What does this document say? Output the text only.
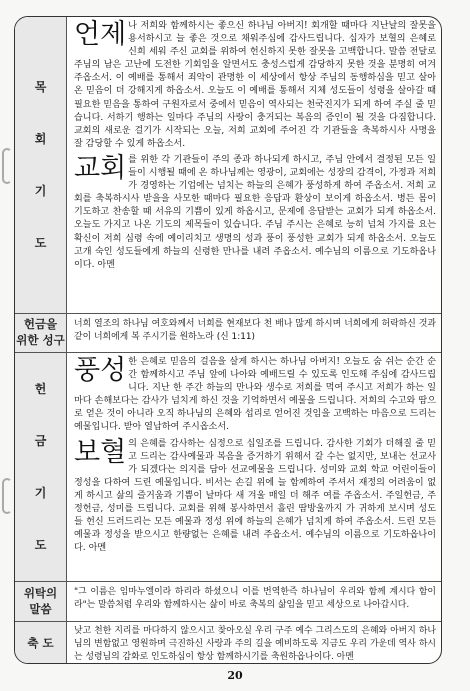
목
회
기
도

언제 나 저희와 함께하시는 좋으신 하나님 아버지! 회개할 때마다 지난날의 잘못을 용서하시고 늘 좋은 것으로 채워주심에 감사드립니다. 십자가 보혈의 은혜로 신희 세워 주신 교회를 위하여 헌신하지 못한 잘못을 고백합니다. 말씀 전달로 주님의 남은 고난에 도전한 기회임을 알면서도 충성스럽게 감당하지 못한 것을 분명히 여겨 주옵소서. 이 예배를 통해서 죄악이 관명한 이 세상에서 항상 주님의 동행하심을 믿고 살아온 믿음이 더 강해지게 하옵소서. 오늘도 이 예배를 통해서 지체 성도들이 성령을 살아갈 때 필요한 믿음을 통하여 구원자로서 중에서 믿음이 역사되는 천국진지가 되게 하여 주실 줄 믿습니다. 서하기 행하는 일마다 주님의 사랑이 충거되는 복음의 증인이 될 것을 다짐합니다. 교회의 새로운 걸기가 시작되는 오늘, 저희 교회에 주어진 각 기관들을 축복하시사 사명을 잘 감당할 수 있게 하옵소서.

교회 를 위한 각 기관들이 주의 종과 하나되게 하시고, 주님 안에서 결정된 모든 일들이 시행될 때에 온 하나님께는 영광이, 교회에는 성장의 감격이, 가정과 저희가 경영하는 기업에는 넘치는 하늘의 은혜가 풍성하게 하여 주옵소서. 저희 교회를 축복하시사 받을을 사모한 때마다 필요한 응답과 환상이 보이게 하옵소서. 병든 몸이 기도하고 찬송할 때 서유의 기쁨이 있게 하옵시고, 문제에 응답받는 교회가 되게 하옵소서. 오늘도 가지고 나온 기도의 제목들이 있습니다. 주님 주시는 은혜로 능히 넘쳐 가지를 요는 확신이 저희 심령 속에 예이리치고 생명의 성과 풍이 풍성한 교회가 되게 하옵소서. 오늘도 고개 숙인 성도들에게 하늘의 신령한 만나를 내려 주옵소서. 예수님의 이름으로 기도하옵나이다. 아멘

헌금을
위한 성구
너희 열조의 하나님 여호와께서 너희를 현재보다 천 배나 많게 하시며 너희에게 허락하신 것과 같이 너희에게 복 주시기를 원하노라 (신 1:11)
헌
금
기
도

풍성 한 은혜로 믿음의 걸음을 살게 하시는 하나님 아버지! 오늘도 숨 쉬는 순간 순간 함께하시고 주님 앞에 나아와 예배드릴 수 있도록 인도해 주심에 감사드립니다. 지난 한 주간 하늘의 만나와 생수로 저희를 먹여 주시고 저희가 하는 일마다 손해보다는 감사가 넘치게 하신 것을 기억하면서 예물을 드립니다. 저희의 수고와 땀으로 얻은 것이 아니라 오직 하나님의 은혜와 섭리로 얻어진 것임을 고백하는 마음으로 드리는 예물입니다. 받아 열납하여 주시옵소서.

보혈 의 은혜를 감사하는 심정으로 십일조를 드립니다. 감사한 기회가 더해질 줄 믿고 드리는 감사예물과 복음을 증거하기 위해서 갈 수는 없지만, 보내는 선교사가 되겠다는 의지를 담아 선교예물을 드립니다. 성미와 교회 학교 어린이들이 정성을 다하여 드린 예물입니다. 비서는 손길 위에 늘 함께하여 주셔서 재정의 어려움이 없게 하시고 삶의 즐거움과 기쁨이 날마다 새 겨울 매일 더 해주 여를 주옵소서. 주일헌금, 주정헌금, 성미를 드립니다. 교회를 위해 봉사하면서 흘린 땀방울까지 가 귀하게 보시며 성도들 헌신 드러드리는 모든 예물과 정성 위에 하늘의 은혜가 넘치게 하여 주옵소서. 드린 모든 예물과 정성을 받으시고 한량없는 은혜를 내려 주옵소서. 예수님의 이름으로 기도하옵나이다. 아멘

위탁의
말씀
"그 이름은 임마누엘이라 하리라 하셨으니 이를 번역한즉 하나님이 우리와 함께 계시다 함이라"는 말씀처럼 우리와 함께하시는 삶이 바로 축복의 삶임을 믿고 세상으로 나아갑시다.
축 도
낮고 천한 지리를 마다하지 않으시고 찾아오실 우리 구주 예수 그리스도의 은혜와 아버지 하나님의 변함없고 영원하며 극진하신 사랑과 주의 길을 예비하도록 지금도 우리 가운데 역사 하시는 성령님의 감화로 인도하심이 항상 함께하시기를 축원하옵나이다. 아멘
20
